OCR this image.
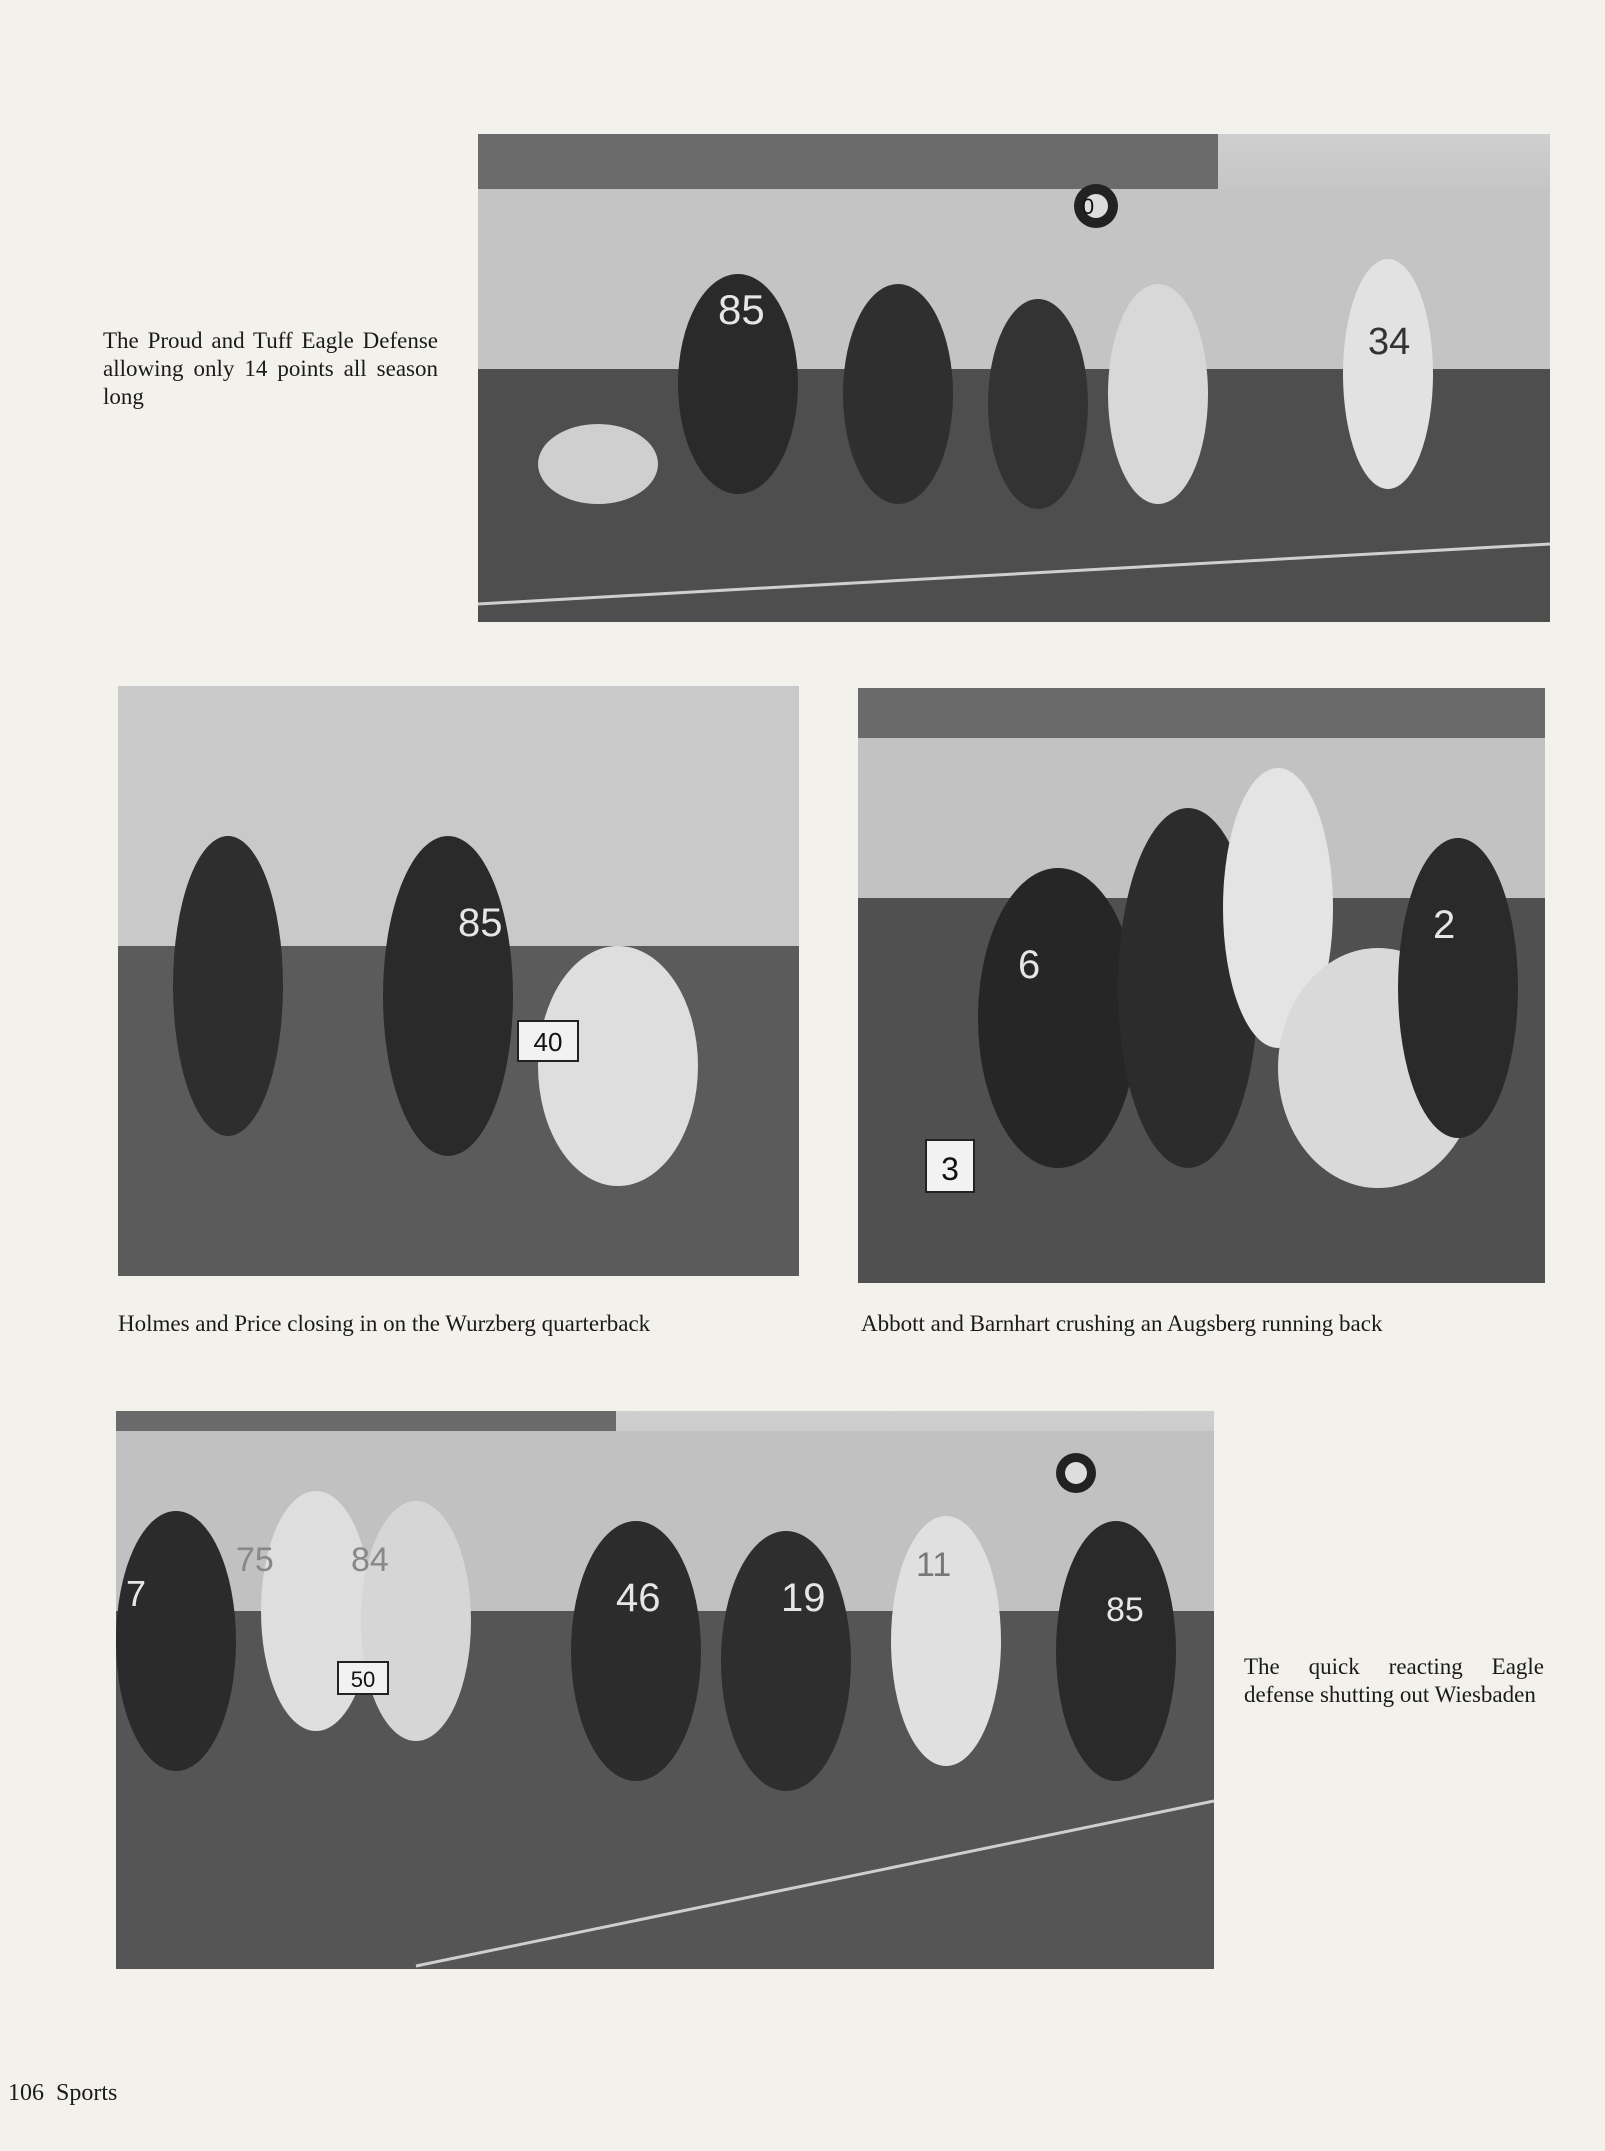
85
34
0

The Proud and Tuff Eagle Defense allowing only 14 points all season long

85
40

Holmes and Price closing in on the Wurzberg quarterback

6
2
3

Abbott and Barnhart crushing an Augsberg running back

7
75 84
46	19
11
85
50

The quick reacting Eagle defense shutting out Wiesbaden

106 Sports
